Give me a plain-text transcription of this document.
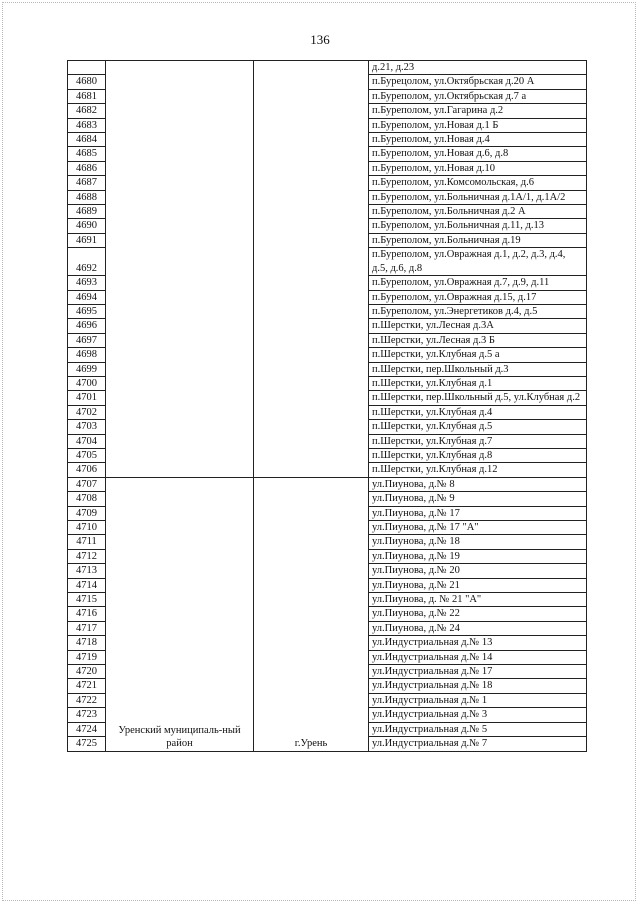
136
			д.21, д.23
4680			п.Бурецолом, ул.Октябрьская д.20 А
4681			п.Буреполом, ул.Октябрьская д.7 а
4682			п.Буреполом, ул.Гагарина д.2
4683			п.Буреполом, ул.Новая д.1 Б
4684			п.Буреполом, ул.Новая д.4
4685			п.Буреполом, ул.Новая д.6, д.8
4686			п.Буреполом, ул.Новая д.10
4687			п.Буреполом, ул.Комсомольская, д.6
4688			п.Буреполом, ул.Больничная д.1А/1, д.1А/2
4689			п.Буреполом, ул.Больничная д.2 А
4690			п.Буреполом, ул.Больничная д.11, д.13
4691			п.Буреполом, ул.Больничная д.19
4692			п.Буреполом, ул.Овражная д.1, д.2, д.3, д.4, д.5, д.6, д.8
4693			п.Буреполом, ул.Овражная д.7, д.9, д.11
4694			п.Буреполом, ул.Овражная д.15, д.17
4695			п.Буреполом, ул.Энергетиков д.4, д.5
4696			п.Шерстки, ул.Лесная д.3А
4697			п.Шерстки, ул.Лесная д.3 Б
4698			п.Шерстки, ул.Клубная д.5 а
4699			п.Шерстки, пер.Школьный д.3
4700			п.Шерстки, ул.Клубная д.1
4701			п.Шерстки, пер.Школьный д.5, ул.Клубная д.2
4702			п.Шерстки, ул.Клубная д.4
4703			п.Шерстки, ул.Клубная д.5
4704			п.Шерстки, ул.Клубная д.7
4705			п.Шерстки, ул.Клубная д.8
4706			п.Шерстки, ул.Клубная д.12
4707	Уренский муниципаль-ный район	г.Урень	ул.Пиунова, д.№ 8
4708			ул.Пиунова, д.№ 9
4709			ул.Пиунова, д.№ 17
4710			ул.Пиунова, д.№ 17 "А"
4711			ул.Пиунова, д.№ 18
4712			ул.Пиунова, д.№ 19
4713			ул.Пиунова, д.№ 20
4714			ул.Пиунова, д.№ 21
4715			ул.Пиунова, д. № 21 "А"
4716			ул.Пиунова, д.№ 22
4717			ул.Пиунова, д.№ 24
4718			ул.Индустриальная д.№ 13
4719			ул.Индустриальная д.№ 14
4720			ул.Индустриальная д.№ 17
4721			ул.Индустриальная д.№ 18
4722			ул.Индустриальная д.№ 1
4723			ул.Индустриальная д.№ 3
4724			ул.Индустриальная д.№ 5
4725			ул.Индустриальная д.№ 7
